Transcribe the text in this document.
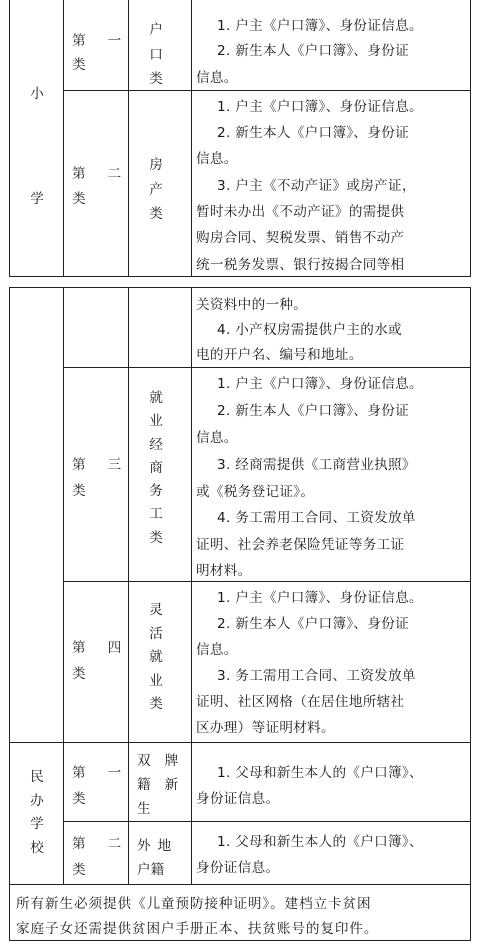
小
学
第 一
类
户
口
类
1. 户主《户口簿》、身份证信息。
2. 新生本人《户口簿》、身份证
信息。
第 二
类
房
产
类
1. 户主《户口簿》、身份证信息。
2. 新生本人《户口簿》、身份证
信息。
3. 户主《不动产证》或房产证，
暂时未办出《不动产证》的需提供
购房合同、契税发票、销售不动产
统一税务发票、银行按揭合同等相
关资料中的一种。
4. 小产权房需提供户主的水或
电的开户名、编号和地址。
第 三
类
就
业
经
商
务
工
类
1. 户主《户口簿》、身份证信息。
2. 新生本人《户口簿》、身份证
信息。
3. 经商需提供《工商营业执照》
或《税务登记证》。
4. 务工需用工合同、工资发放单
证明、社会养老保险凭证等务工证
明材料。
第 四
类
灵
活
就
业
类
1. 户主《户口簿》、身份证信息。
2. 新生本人《户口簿》、身份证
信息。
3. 务工需用工合同、工资发放单
证明、社区网格（在居住地所辖社
区办理）等证明材料。
民
办
学
校
第 一
类
双 牌
籍 新
生
1. 父母和新生本人的《户口簿》、
身份证信息。
第 二
类
外 地
户籍
1. 父母和新生本人的《户口簿》、
身份证信息。
所有新生必须提供《儿童预防接种证明》。建档立卡贫困
家庭子女还需提供贫困户手册正本、扶贫账号的复印件。
